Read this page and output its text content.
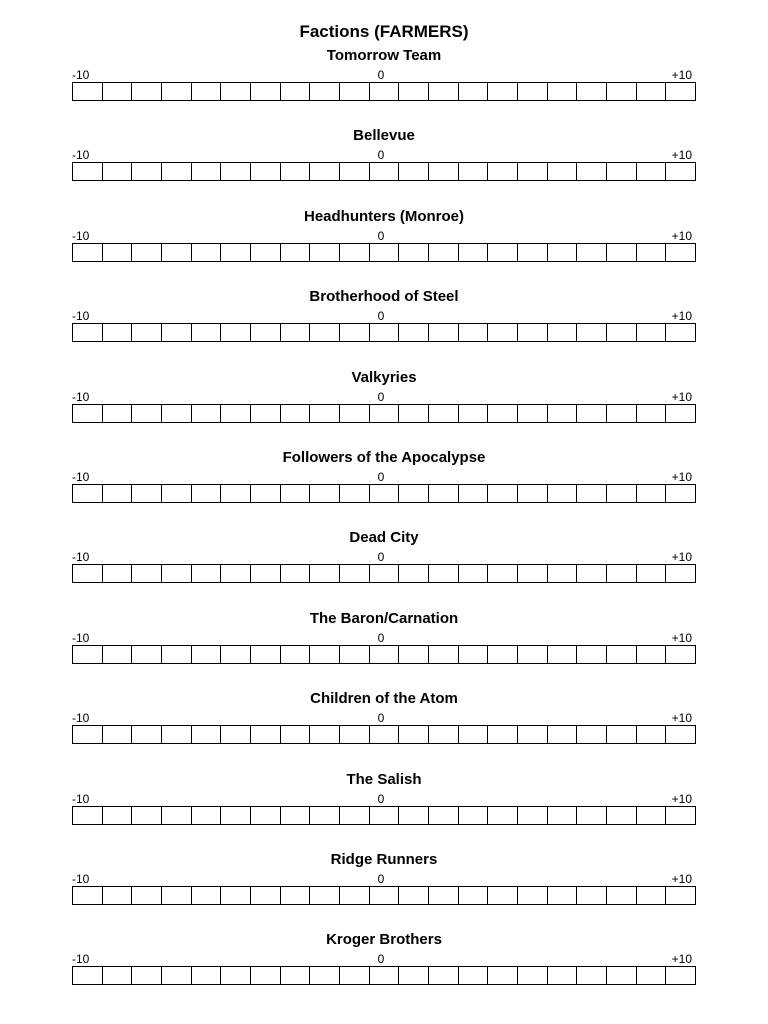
Factions (FARMERS)
Tomorrow Team
-10	0	+10
Bellevue
-10	0	+10
Headhunters (Monroe)
-10	0	+10
Brotherhood of Steel
-10	0	+10
Valkyries
-10	0	+10
Followers of the Apocalypse
-10	0	+10
Dead City
-10	0	+10
The Baron/Carnation
-10	0	+10
Children of the Atom
-10	0	+10
The Salish
-10	0	+10
Ridge Runners
-10	0	+10
Kroger Brothers
-10	0	+10
